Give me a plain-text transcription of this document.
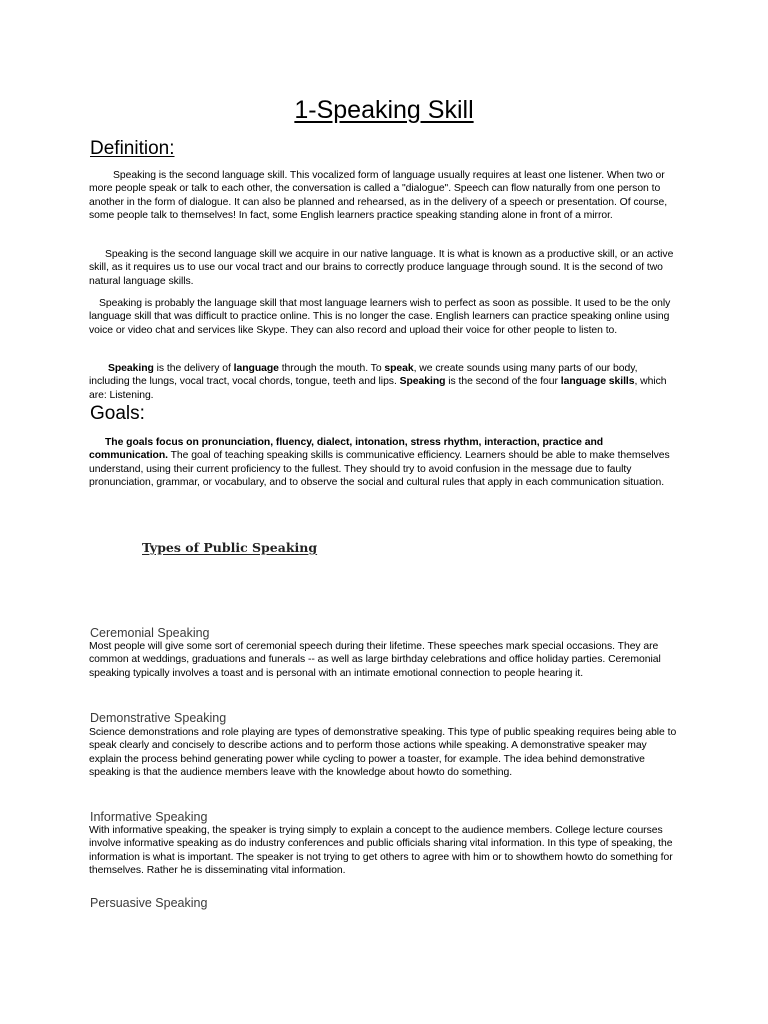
1-Speaking Skill
Definition:
Speaking is the second language skill. This vocalized form of language usually requires at least one listener. When two or more people speak or talk to each other, the conversation is called a "dialogue". Speech can flow naturally from one person to another in the form of dialogue. It can also be planned and rehearsed, as in the delivery of a speech or presentation. Of course, some people talk to themselves! In fact, some English learners practice speaking standing alone in front of a mirror.
Speaking is the second language skill we acquire in our native language. It is what is known as a productive skill, or an active skill, as it requires us to use our vocal tract and our brains to correctly produce language through sound. It is the second of two natural language skills.
Speaking is probably the language skill that most language learners wish to perfect as soon as possible. It used to be the only language skill that was difficult to practice online. This is no longer the case. English learners can practice speaking online using voice or video chat and services like Skype. They can also record and upload their voice for other people to listen to.
Speaking is the delivery of language through the mouth. To speak, we create sounds using many parts of our body, including the lungs, vocal tract, vocal chords, tongue, teeth and lips. Speaking is the second of the four language skills, which are: Listening.
Goals:
The goals focus on pronunciation, fluency, dialect, intonation, stress rhythm, interaction, practice and communication. The goal of teaching speaking skills is communicative efficiency. Learners should be able to make themselves understand, using their current proficiency to the fullest. They should try to avoid confusion in the message due to faulty pronunciation, grammar, or vocabulary, and to observe the social and cultural rules that apply in each communication situation.
Types of Public Speaking
Ceremonial Speaking
Most people will give some sort of ceremonial speech during their lifetime. These speeches mark special occasions. They are common at weddings, graduations and funerals -- as well as large birthday celebrations and office holiday parties. Ceremonial speaking typically involves a toast and is personal with an intimate emotional connection to people hearing it.
Demonstrative Speaking
Science demonstrations and role playing are types of demonstrative speaking. This type of public speaking requires being able to speak clearly and concisely to describe actions and to perform those actions while speaking. A demonstrative speaker may explain the process behind generating power while cycling to power a toaster, for example. The idea behind demonstrative speaking is that the audience members leave with the knowledge about howto do something.
Informative Speaking
With informative speaking, the speaker is trying simply to explain a concept to the audience members. College lecture courses involve informative speaking as do industry conferences and public officials sharing vital information. In this type of speaking, the information is what is important. The speaker is not trying to get others to agree with him or to showthem howto do something for themselves. Rather he is disseminating vital information.
Persuasive Speaking
